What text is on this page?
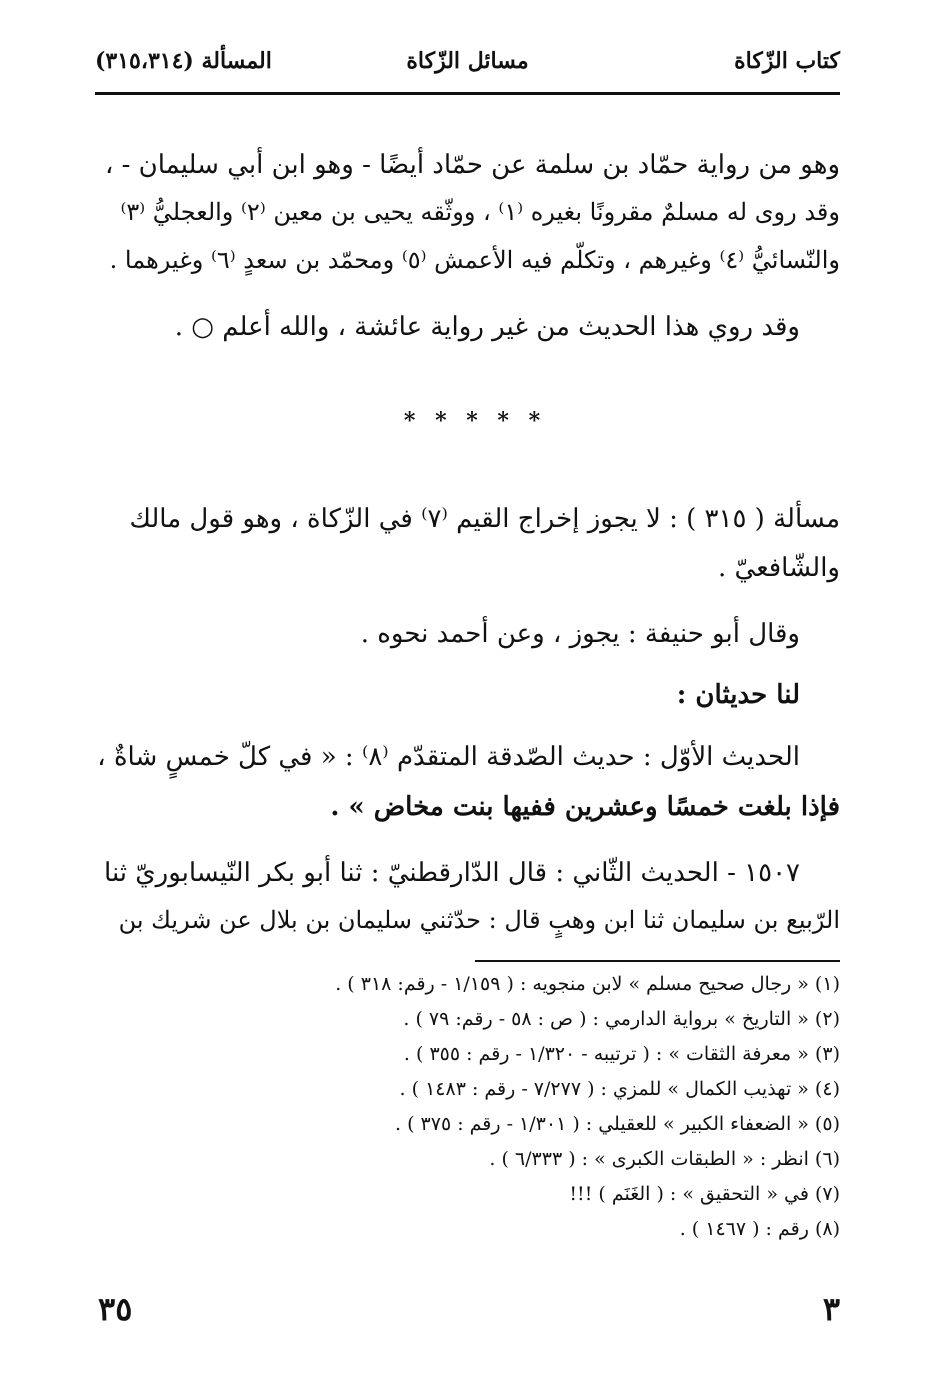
كتاب الزّكاة
مسائل الزّكاة
المسألة (٣١٥،٣١٤)
وهو من رواية حمّاد بن سلمة عن حمّاد أيضًا - وهو ابن أبي سليمان - ،
وقد روى له مسلمٌ مقرونًا بغيره ⁽١⁾ ، ووثّقه يحيى بن معين ⁽٢⁾ والعجليُّ ⁽٣⁾
والنّسائيُّ ⁽٤⁾ وغيرهم ، وتكلّم فيه الأعمش ⁽٥⁾ ومحمّد بن سعدٍ ⁽٦⁾ وغيرهما .
وقد روي هذا الحديث من غير رواية عائشة ، والله أعلم ○ .
* * * * *
مسألة ( ٣١٥ ) : لا يجوز إخراج القيم ⁽٧⁾ في الزّكاة ، وهو قول مالك
والشّافعيّ .
وقال أبو حنيفة : يجوز ، وعن أحمد نحوه .
لنا حديثان :
الحديث الأوّل : حديث الصّدقة المتقدّم ⁽٨⁾ : « في كلّ خمسٍ شاةٌ ،
فإذا بلغت خمسًا وعشرين ففيها بنت مخاض » .
١٥٠٧ - الحديث الثّاني : قال الدّارقطنيّ : ثنا أبو بكر النّيسابوريّ ثنا
الرّبيع بن سليمان ثنا ابن وهبٍ قال : حدّثني سليمان بن بلال عن شريك بن
(١) « رجال صحيح مسلم » لابن منجويه : ( ١/١٥٩ - رقم: ٣١٨ ) .
(٢) « التاريخ » برواية الدارمي : ( ص : ٥٨ - رقم: ٧٩ ) .
(٣) « معرفة الثقات » : ( ترتيبه - ١/٣٢٠ - رقم : ٣٥٥ ) .
(٤) « تهذيب الكمال » للمزي : ( ٧/٢٧٧ - رقم : ١٤٨٣ ) .
(٥) « الضعفاء الكبير » للعقيلي : ( ١/٣٠١ - رقم : ٣٧٥ ) .
(٦) انظر : « الطبقات الكبرى » : ( ٦/٣٣٣ ) .
(٧) في « التحقيق » : ( الغَنَم ) !!!
(٨) رقم : ( ١٤٦٧ ) .
٣
٣٥
